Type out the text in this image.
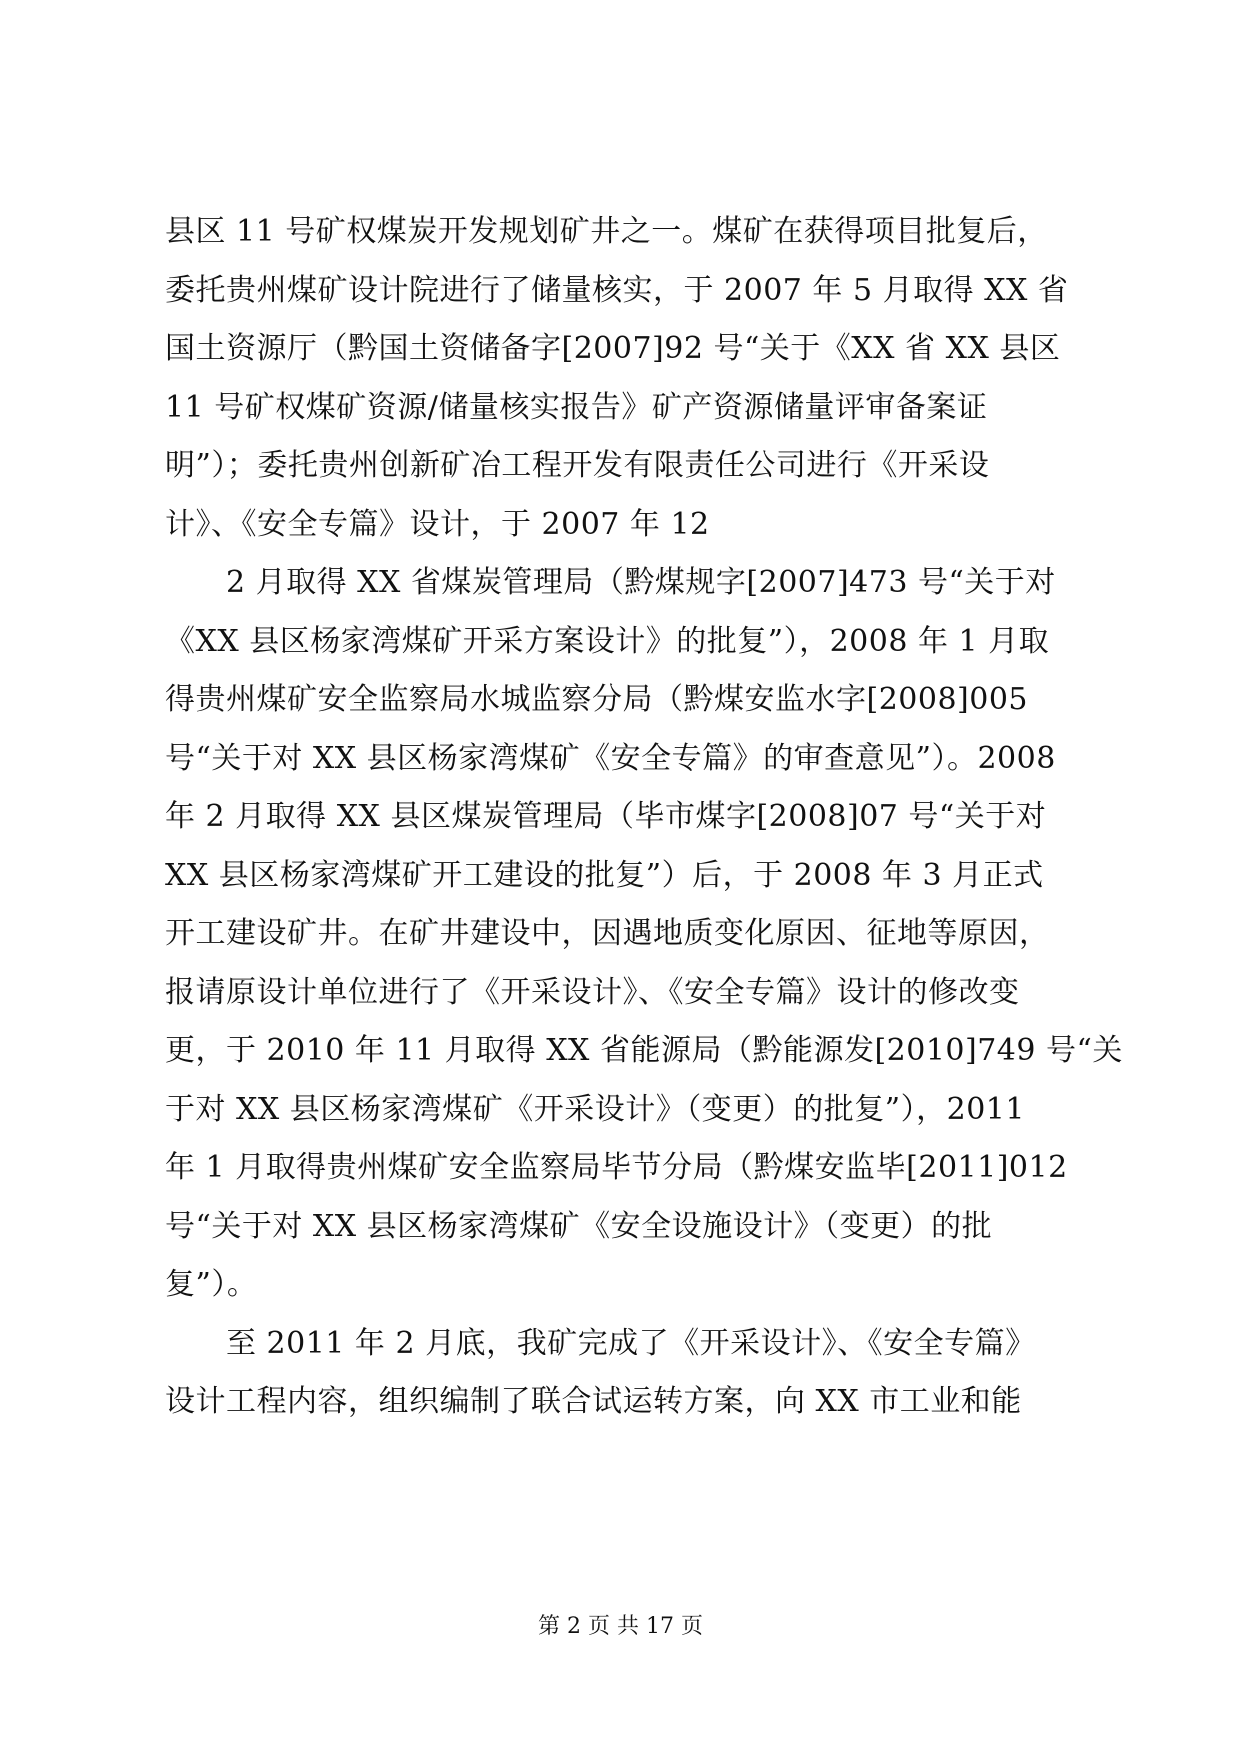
县区 11 号矿权煤炭开发规划矿井之一。煤矿在获得项目批复后，
委托贵州煤矿设计院进行了储量核实，于 2007 年 5 月取得 XX 省
国土资源厅（黔国土资储备字[2007]92 号“关于《XX 省 XX 县区
11 号矿权煤矿资源/储量核实报告》矿产资源储量评审备案证
明”）；委托贵州创新矿冶工程开发有限责任公司进行《开采设
计》、《安全专篇》设计，于 2007 年 12
　　2 月取得 XX 省煤炭管理局（黔煤规字[2007]473 号“关于对
《XX 县区杨家湾煤矿开采方案设计》的批复”），2008 年 1 月取
得贵州煤矿安全监察局水城监察分局（黔煤安监水字[2008]005
号“关于对 XX 县区杨家湾煤矿《安全专篇》的审查意见”）。2008
年 2 月取得 XX 县区煤炭管理局（毕市煤字[2008]07 号“关于对
XX 县区杨家湾煤矿开工建设的批复”）后，于 2008 年 3 月正式
开工建设矿井。在矿井建设中，因遇地质变化原因、征地等原因，
报请原设计单位进行了《开采设计》、《安全专篇》设计的修改变
更，于 2010 年 11 月取得 XX 省能源局（黔能源发[2010]749 号“关
于对 XX 县区杨家湾煤矿《开采设计》（变更）的批复”），2011
年 1 月取得贵州煤矿安全监察局毕节分局（黔煤安监毕[2011]012
号“关于对 XX 县区杨家湾煤矿《安全设施设计》（变更）的批
复”）。
　　至 2011 年 2 月底，我矿完成了《开采设计》、《安全专篇》
设计工程内容，组织编制了联合试运转方案，向 XX 市工业和能
第 2 页 共 17 页
